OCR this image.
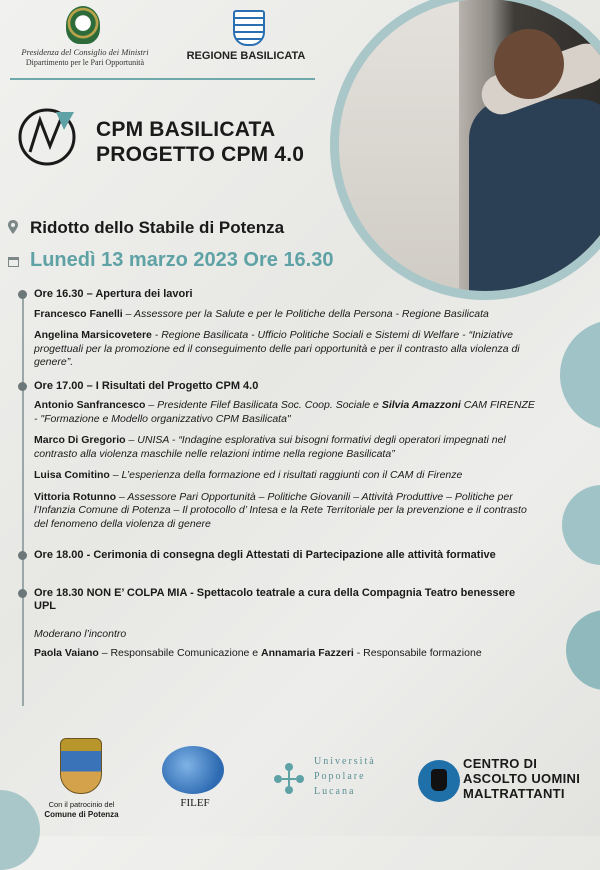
Presidenza del Consiglio dei Ministri
Dipartimento per le Pari Opportunità
REGIONE BASILICATA
CPM BASILICATA
PROGETTO CPM 4.0
Ridotto dello Stabile di Potenza
Lunedì 13 marzo 2023 Ore 16.30

Ore 16.30 – Apertura dei lavori

Francesco Fanelli – Assessore per la Salute e per le Politiche della Persona - Regione Basilicata

Angelina Marsicovetere - Regione Basilicata - Ufficio Politiche Sociali e Sistemi di Welfare - “Iniziative progettuali per la promozione ed il conseguimento delle pari opportunità e per il contrasto alla violenza di genere”.

Ore 17.00 – I Risultati del Progetto CPM 4.0

Antonio Sanfrancesco – Presidente Filef Basilicata Soc. Coop. Sociale e Silvia Amazzoni CAM FIRENZE - "Formazione e Modello organizzativo CPM Basilicata"

Marco Di Gregorio – UNISA - “Indagine esplorativa sui bisogni formativi degli operatori impegnati nel contrasto alla violenza maschile nelle relazioni intime nella regione Basilicata”

Luisa Comitino – L’esperienza della formazione ed i risultati raggiunti con il CAM di Firenze

Vittoria Rotunno – Assessore Pari Opportunità – Politiche Giovanili – Attività Produttive – Politiche per l’Infanzia Comune di Potenza – Il protocollo d’ Intesa e la Rete Territoriale per la prevenzione e il contrasto del fenomeno della violenza di genere

Ore 18.00 - Cerimonia di consegna degli Attestati di Partecipazione alle attività formative

Ore 18.30 NON E’ COLPA MIA - Spettacolo teatrale a cura della Compagnia Teatro benessere UPL

Moderano l’incontro

Paola Vaiano – Responsabile Comunicazione e Annamaria Fazzeri - Responsabile formazione

Con il patrocinio del
Comune di Potenza
FILEF
Università
Popolare
Lucana
CENTRO DI
ASCOLTO UOMINI
MALTRATTANTI
